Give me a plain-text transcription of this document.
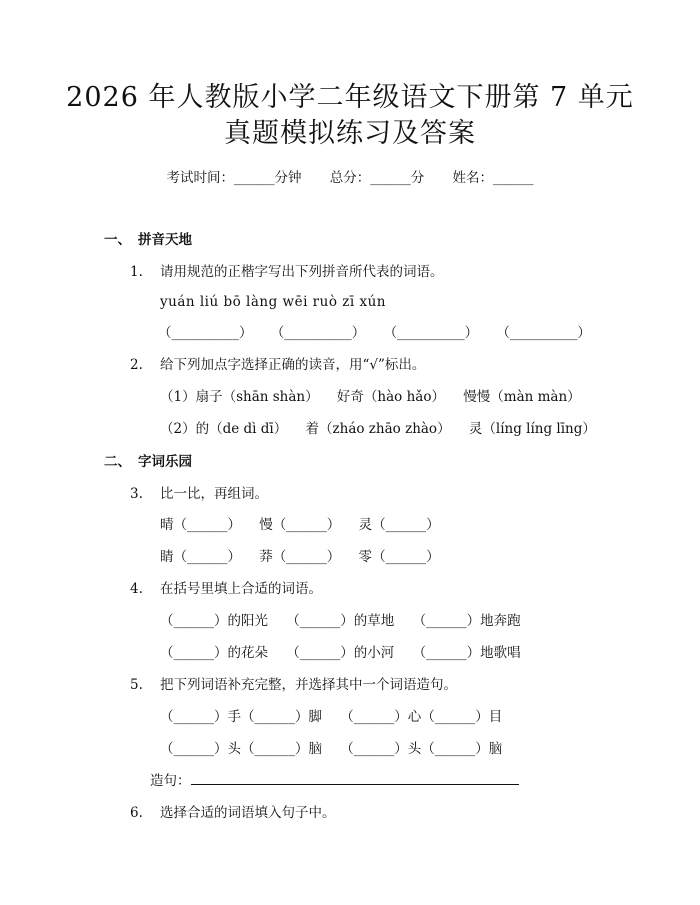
2026 年人教版小学二年级语文下册第 7 单元
真题模拟练习及答案
考试时间：______分钟 总分：______分 姓名：______
一、 拼音天地
1. 请用规范的正楷字写出下列拼音所代表的词语。
yuán liú bō làng wēi ruò zī xún
（__________） （__________） （__________） （__________）
2. 给下列加点字选择正确的读音，用“√”标出。
（1）扇子（shān shàn） 好奇（hào hǎo） 慢慢（màn màn）
（2）的（de dì dī） 着（zháo zhāo zhào） 灵（líng líng līng）
二、 字词乐园
3. 比一比，再组词。
晴（______） 慢（______） 灵（______）
睛（______） 莽（______） 零（______）
4. 在括号里填上合适的词语。
（______）的阳光 （______）的草地 （______）地奔跑
（______）的花朵 （______）的小河 （______）地歌唱
5. 把下列词语补充完整，并选择其中一个词语造句。
（______）手（______）脚 （______）心（______）目
（______）头（______）脑 （______）头（______）脑
造句：
6. 选择合适的词语填入句子中。
